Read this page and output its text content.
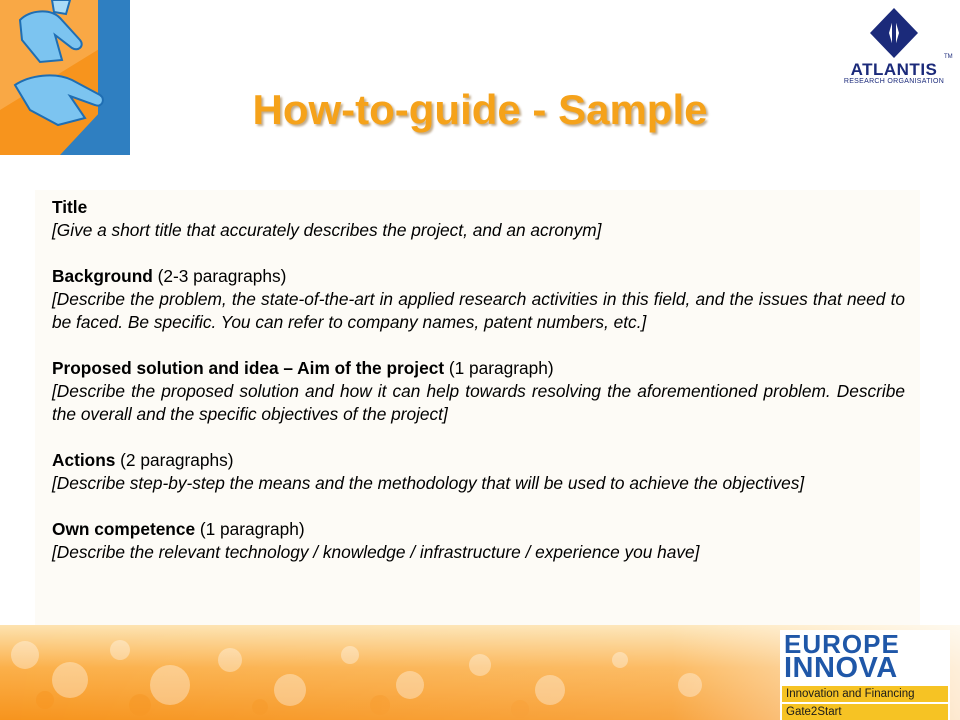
ATLANTIS
TM
RESEARCH ORGANISATION
How-to-guide - Sample

Title

[Give a short title that accurately describes the project, and an acronym]

Background (2-3 paragraphs)

[Describe the problem, the state-of-the-art in applied research activities in this field, and the issues that need to be faced. Be specific. You can refer to company names, patent numbers, etc.]

Proposed solution and idea – Aim of the project (1 paragraph)

[Describe the proposed solution and how it can help towards resolving the aforementioned problem. Describe the overall and the specific objectives of the project]

Actions (2 paragraphs)

[Describe step-by-step the means and the methodology that will be used to achieve the objectives]

Own competence (1 paragraph)

[Describe the relevant technology / knowledge / infrastructure / experience you have]

EUROPE
INNOVA
Innovation and Financing
Gate2Start
